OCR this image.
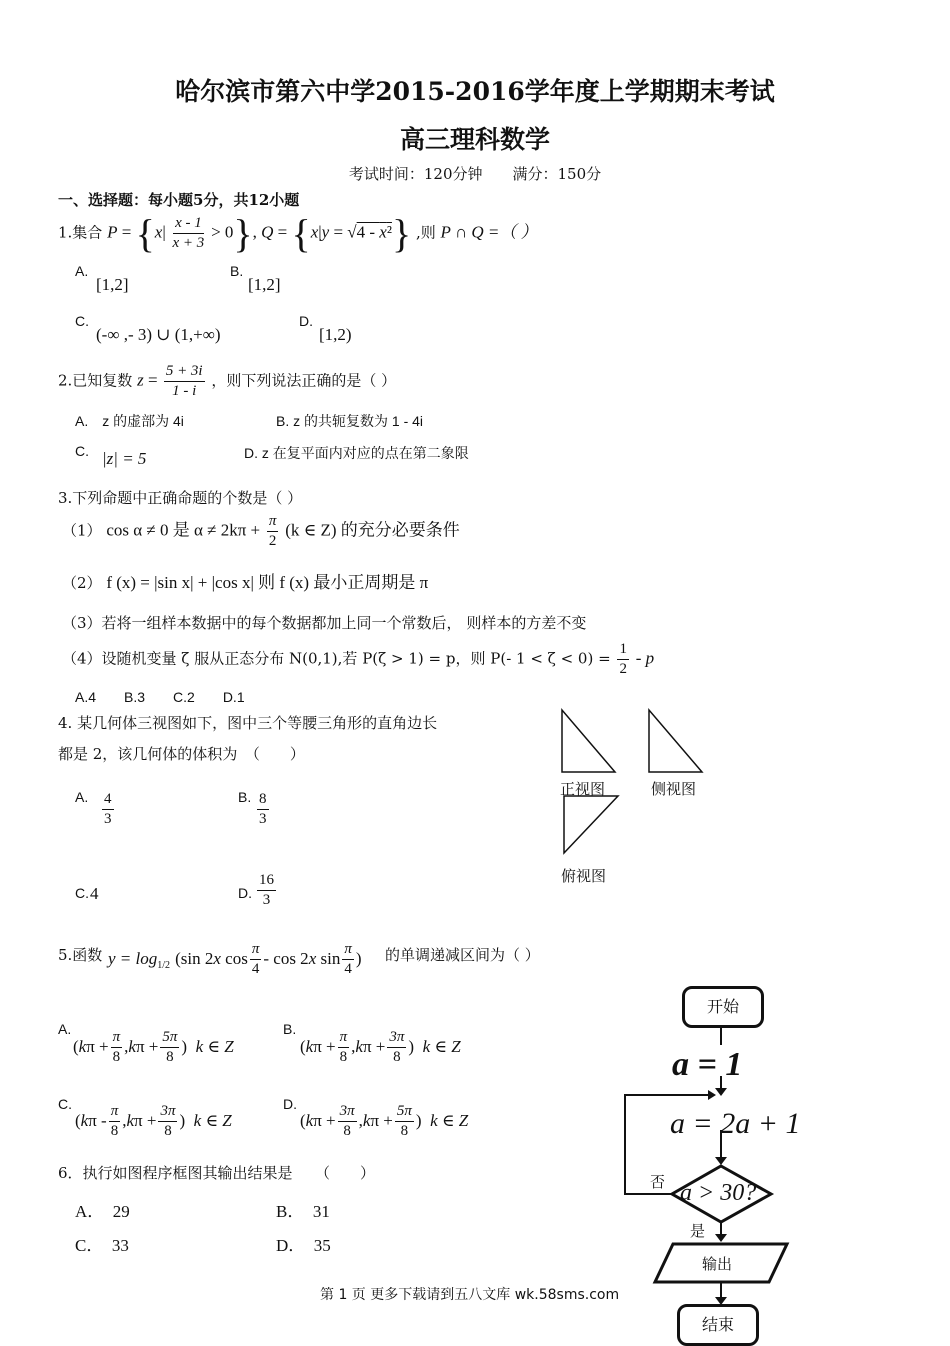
哈尔滨市第六中学2015-2016学年度上学期期末考试
高三理科数学
考试时间：120分钟　　满分：150分
一、选择题：每小题5分，共12小题
1.集合 $P = \{x| \frac{x - 1}{x + 3} > 0\}$, Q = {x|y = √4 - x²} ,则 P ∩ Q =（ ）
A.
[1,2]
B.
[1,2]
C.
(-∞ ,- 3) ∪ (1,+∞)
D.
[1,2)
2.已知复数 $z = \frac{5 + 3i}{1 - i}$ ，则下列说法正确的是（ ）
A.　z 的虚部为 4i	B. z 的共轭复数为 1 - 4i
C. |z| = 5	D. z 在复平面内对应的点在第二象限
3.下列命题中正确命题的个数是（ ）
（1） cos α ≠ 0 是 $\alpha \ne 2k\pi + \frac{\pi}{2} (k$ ∈ Z) 的充分必要条件
（2） f (x) = |sin x| + |cos x| 则 f (x) 最小正周期是 π
（3）若将一组样本数据中的每个数据都加上同一个常数后， 则样本的方差不变
（4）设随机变量 ζ 服从正态分布 N(0,1),若 P(ζ > 1) = p，则 P(- $1 < \zeta < 0) = \frac{1}{2} - p$
A.4　　B.3　　C.2　　D.1
4. 某几何体三视图如下，图中三个等腰三角形的直角边长
都是 2，该几何体的体积为　（　　）
A. $\frac{4}{3}$	B. $\frac{8}{3}$
C. 4	D. $\frac{16}{3}$
正视图	侧视图
俯视图
5.函数 $y = \log_{1/2} (\sin$ 2x $\cos \frac{\pi}{4}$ - cos 2x $\sin \frac{\pi}{4}$ ) 的单调递减区间为（ ）
A.
($k\pi + \frac{\pi}{8} ,k\pi + \frac{5\pi}{8}$ )  k ∈ Z
B.
($k\pi + \frac{\pi}{8} ,k\pi + \frac{3\pi}{8}$ )  k ∈ Z
C.
($k\pi - \frac{\pi}{8} ,k\pi + \frac{3\pi}{8}$ )  k ∈ Z
D.
($k\pi + \frac{3\pi}{8} ,k\pi + \frac{5\pi}{8}$ )  k ∈ Z
6．执行如图程序框图其输出结果是　　（　　）
A．　29	B．　31
C．　33	D．　35
开始
a = 1
a = 2a + 1
a > 30?
否
是
输出
结束
第 1 页 更多下载请到五八文库 wk.58sms.com
